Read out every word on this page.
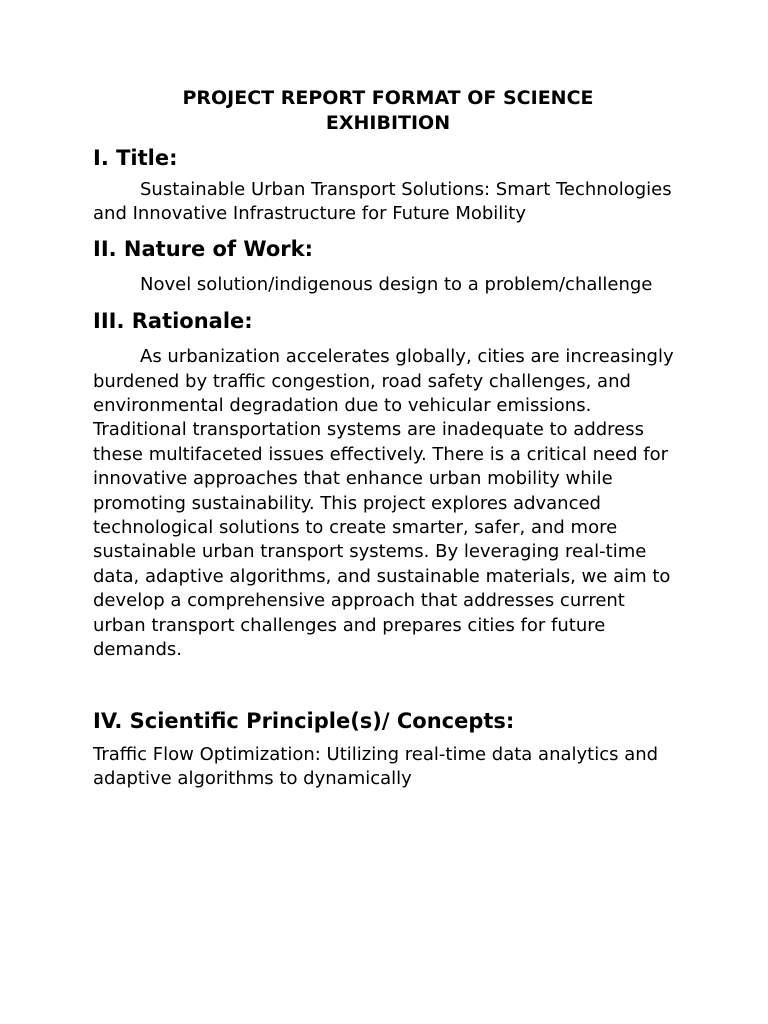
PROJECT REPORT FORMAT OF SCIENCE EXHIBITION
I. Title:

Sustainable Urban Transport Solutions: Smart Technologies and Innovative Infrastructure for Future Mobility

II. Nature of Work:

Novel solution/indigenous design to a problem/challenge

III. Rationale:

As urbanization accelerates globally, cities are increasingly burdened by traffic congestion, road safety challenges, and environmental degradation due to vehicular emissions. Traditional transportation systems are inadequate to address these multifaceted issues effectively. There is a critical need for innovative approaches that enhance urban mobility while promoting sustainability. This project explores advanced technological solutions to create smarter, safer, and more sustainable urban transport systems. By leveraging real-time data, adaptive algorithms, and sustainable materials, we aim to develop a comprehensive approach that addresses current urban transport challenges and prepares cities for future demands.

IV. Scientific Principle(s)/ Concepts:

Traffic Flow Optimization: Utilizing real-time data analytics and adaptive algorithms to dynamically
